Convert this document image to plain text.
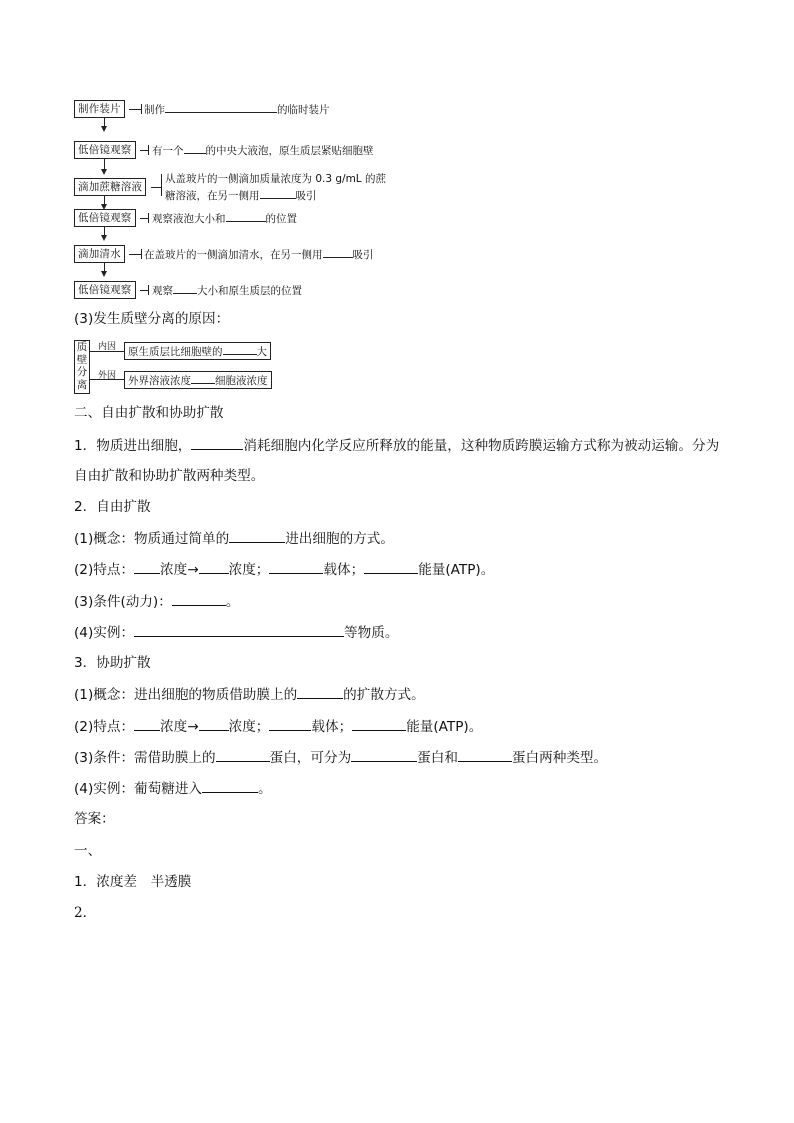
制作装片	制作	的临时装片
低倍镜观察	有一个 的中央大液泡，原生质层紧贴细胞壁
滴加蔗糖溶液
从盖玻片的一侧滴加质量浓度为 0.3 g/mL 的蔗
糖溶液，在另一侧用	吸引
低倍镜观察	观察液泡大小和	的位置
滴加清水	在盖玻片的一侧滴加清水，在另一侧用	吸引
低倍镜观察	观察 大小和原生质层的位置
(3)发生质壁分离的原因：
质
壁
分
离
内因	原生质层比细胞壁的	大
外因	外界溶液浓度 细胞液浓度
二、自由扩散和协助扩散
1．物质进出细胞，	消耗细胞内化学反应所释放的能量，这种物质跨膜运输方式称为被动运输。分为自由扩散和协助扩散两种类型。
2．自由扩散
(1)概念：物质通过简单的	进出细胞的方式。
(2)特点： 浓度→ 浓度；	载体；	能量(ATP)。
(3)条件(动力)：	。
(4)实例：	等物质。
3．协助扩散
(1)概念：进出细胞的物质借助膜上的	的扩散方式。
(2)特点： 浓度→ 浓度；	载体；	能量(ATP)。
(3)条件：需借助膜上的	蛋白，可分为	蛋白和	蛋白两种类型。
(4)实例：葡萄糖进入	。
答案：
一、
1．浓度差　半透膜
2.
